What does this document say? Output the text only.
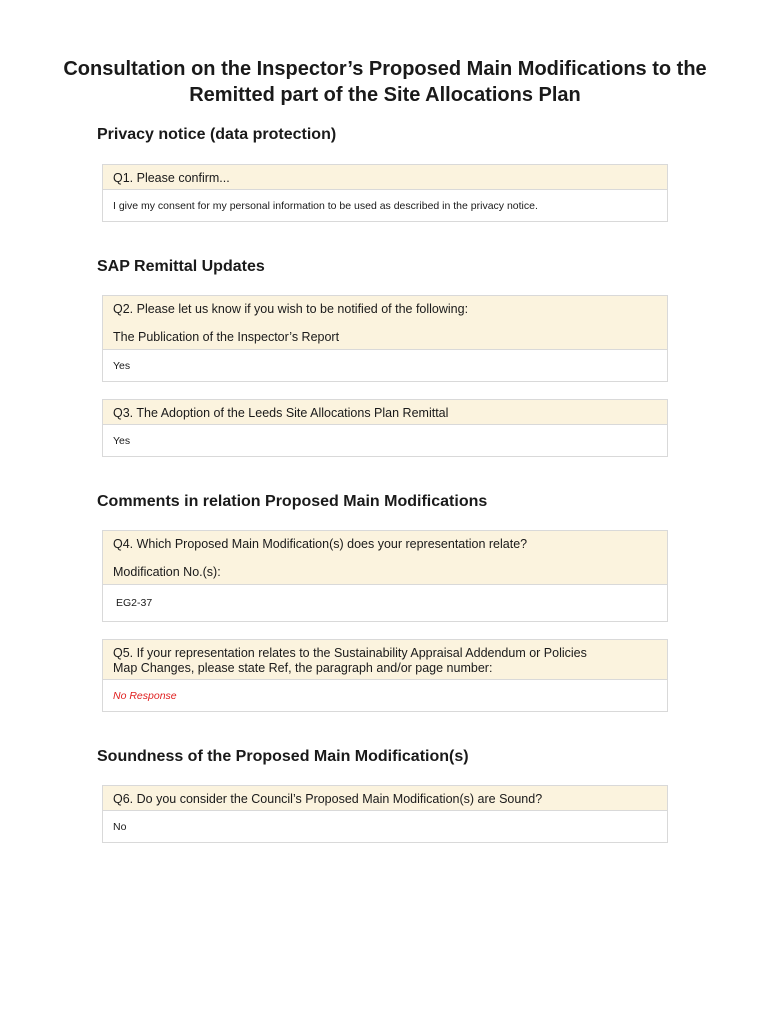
Consultation on the Inspector’s Proposed Main Modifications to the
Remitted part of the Site Allocations Plan
Privacy notice (data protection)
Q1. Please confirm...
I give my consent for my personal information to be used as described in the privacy notice.
SAP Remittal Updates
Q2. Please let us know if you wish to be notified of the following:
The Publication of the Inspector’s Report
Yes
Q3. The Adoption of the Leeds Site Allocations Plan Remittal
Yes
Comments in relation Proposed Main Modifications
Q4. Which Proposed Main Modification(s) does your representation relate?
Modification No.(s):
EG2-37
Q5. If your representation relates to the Sustainability Appraisal Addendum or Policies
Map Changes, please state Ref, the paragraph and/or page number:
No Response
Soundness of the Proposed Main Modification(s)
Q6. Do you consider the Council’s Proposed Main Modification(s) are Sound?
No
